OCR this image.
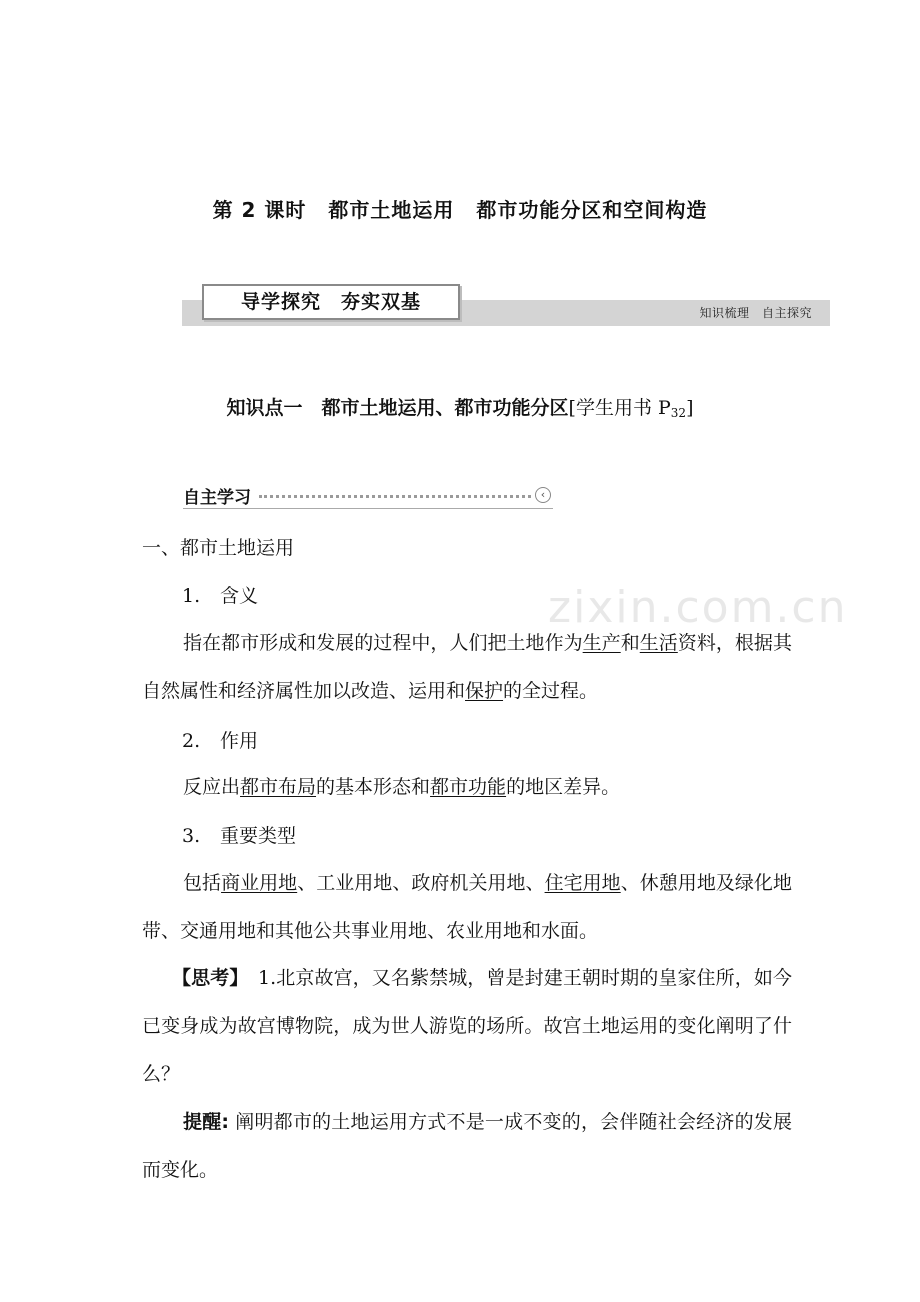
zixin.com.cn
第 2 课时 都市土地运用 都市功能分区和空间构造
导学探究　夯实双基	知识梳理　自主探究
知识点一　都市土地运用、都市功能分区[学生用书 $P_{32}$]
自主学习	‹
一、都市土地运用
1. 含义
指在都市形成和发展的过程中，人们把土地作为生产和生活资料，根据其自然属性和经济属性加以改造、运用和保护的全过程。
2. 作用
反应出都市布局的基本形态和都市功能的地区差异。
3. 重要类型
包括商业用地、工业用地、政府机关用地、住宅用地、休憩用地及绿化地带、交通用地和其他公共事业用地、农业用地和水面。
【思考】　1.北京故宫，又名紫禁城，曾是封建王朝时期的皇家住所，如今已变身成为故宫博物院，成为世人游览的场所。故宫土地运用的变化阐明了什么？
提醒: 阐明都市的土地运用方式不是一成不变的，会伴随社会经济的发展而变化。
